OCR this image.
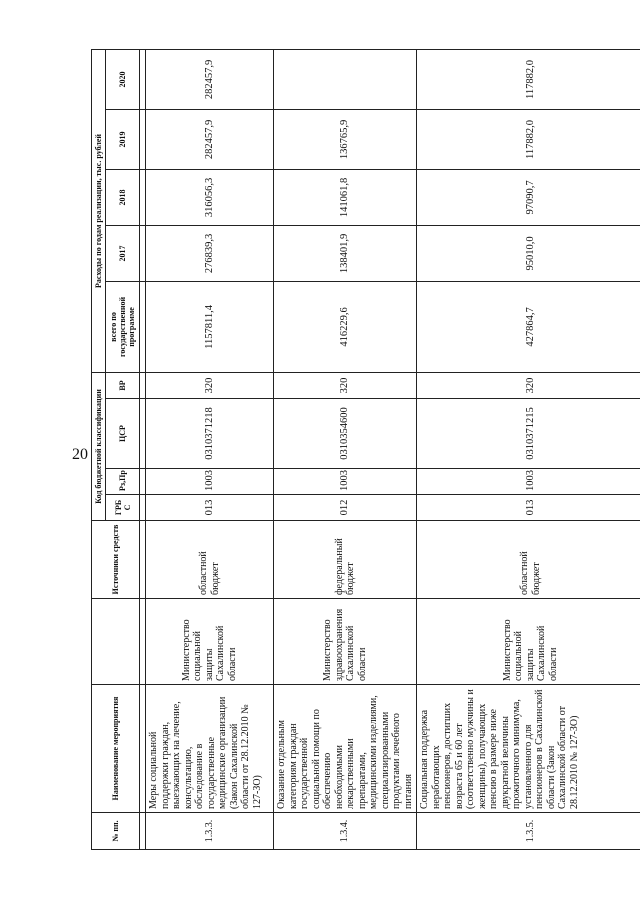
20
№ пп.	Наименование мероприятия		Источники средств	Код бюджетной классификации				Расходы по годам реализации, тыс. рублей				
				ГРБ С	Рз,Пр	ЦСР	ВР	всего по государственной программе	2017	2018	2019	2020

1.3.3.	Меры социальной поддержки граждан, выезжающих на лечение, консультацию, обследование в государственные медицинские организации (Закон Сахалинской области от 28.12.2010 № 127-ЗО)	Министерство социальной защиты Сахалинской области	областной бюджет	013	1003	0310371218	320	1157811,4	276839,3	316056,3	282457,9	282457,9
1.3.4.	Оказание отдельным категориям граждан государственной социальной помощи по обеспечению необходимыми лекарственными препаратами, медицинскими изделиями, специализированными продуктами лечебного питания	Министерство здравоохранения Сахалинской области	федеральный бюджет	012	1003	0310354600	320	416229,6	138401,9	141061,8	136765,9	
1.3.5.	Социальная поддержка неработающих пенсионеров, достигших возраста 65 и 60 лет (соответственно мужчины и женщины), получающих пенсию в размере ниже двукратной величины прожиточного минимума, установленного для пенсионеров в Сахалинской области (Закон Сахалинской области от 28.12.2010 № 127-ЗО)	Министерство социальной защиты Сахалинской области	областной бюджет	013	1003	0310371215	320	427864,7	95010,0	97090,7	117882,0	117882,0
